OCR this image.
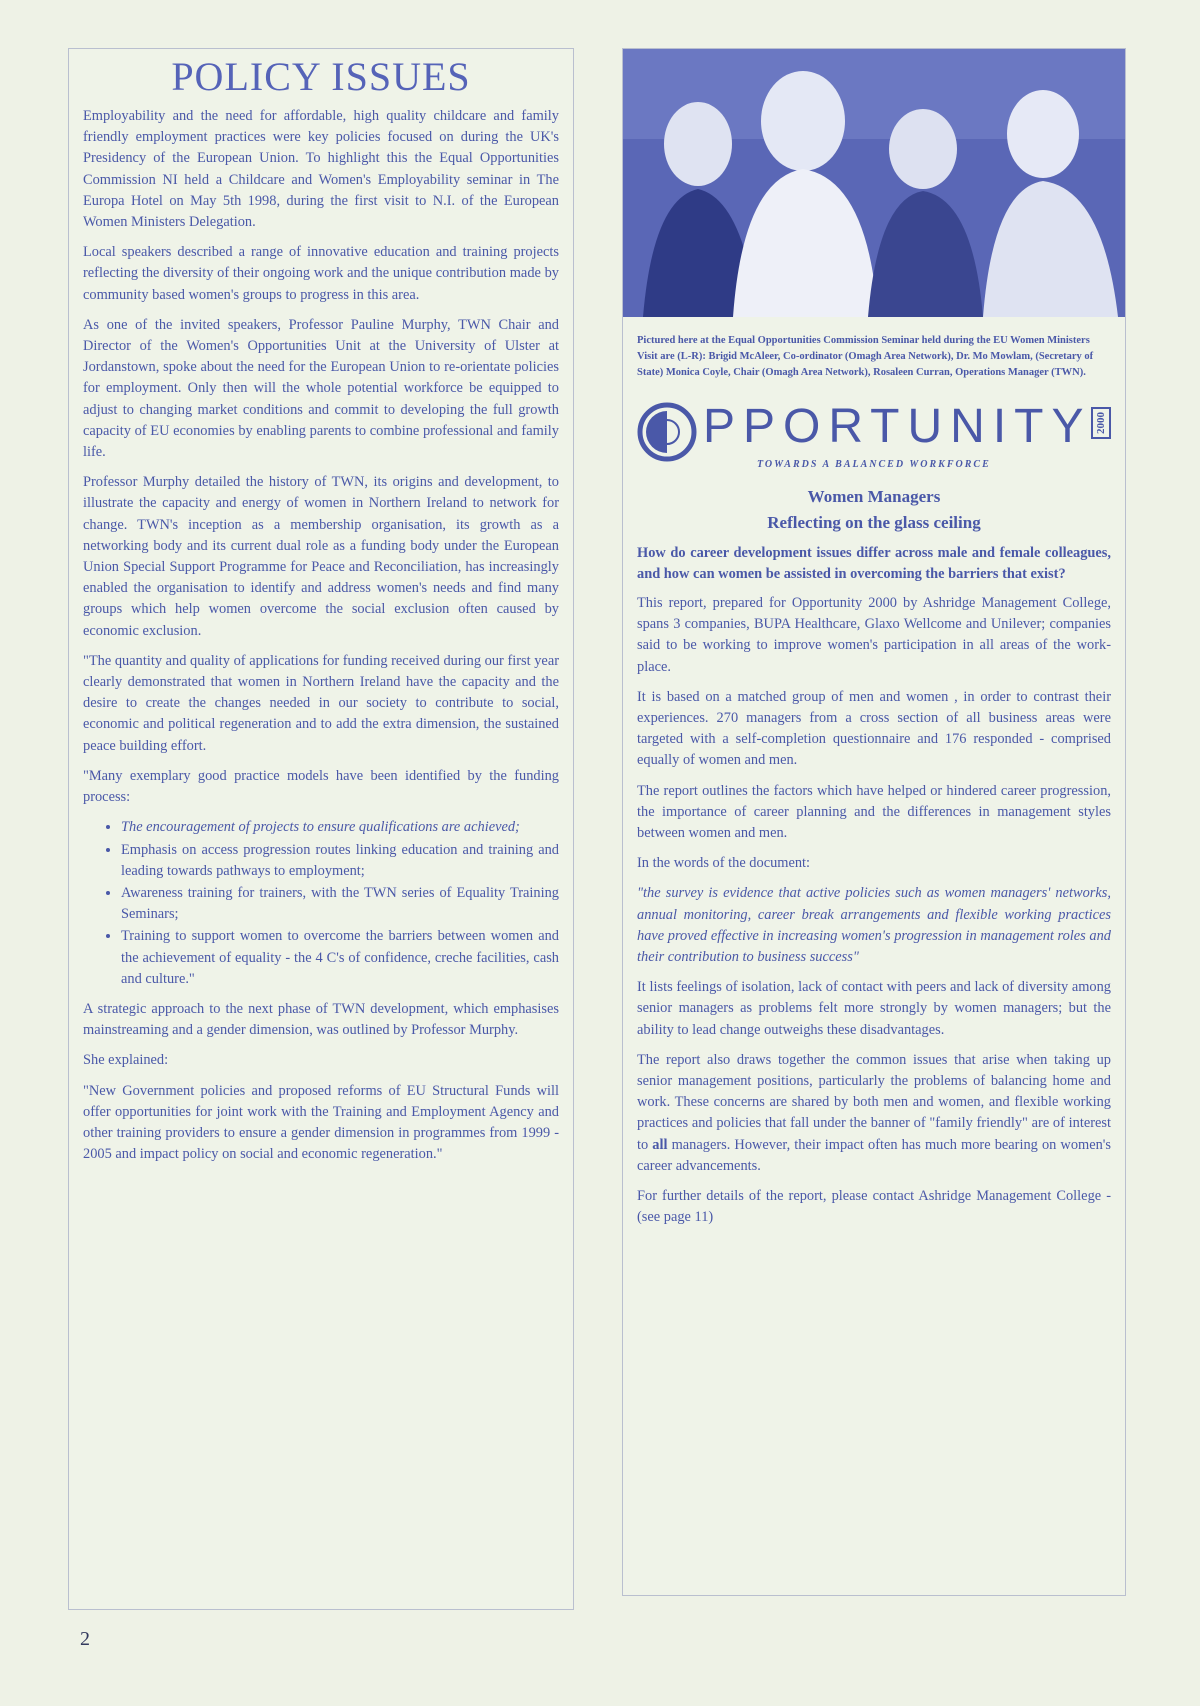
POLICY ISSUES

Employability and the need for affordable, high quality childcare and family friendly employment practices were key policies focused on during the UK's Presidency of the European Union. To highlight this the Equal Opportunities Commission NI held a Childcare and Women's Employability seminar in The Europa Hotel on May 5th 1998, during the first visit to N.I. of the European Women Ministers Delegation.

Local speakers described a range of innovative education and training projects reflecting the diversity of their ongoing work and the unique contribution made by community based women's groups to progress in this area.

As one of the invited speakers, Professor Pauline Murphy, TWN Chair and Director of the Women's Opportunities Unit at the University of Ulster at Jordanstown, spoke about the need for the European Union to re-orientate policies for employment. Only then will the whole potential workforce be equipped to adjust to changing market conditions and commit to developing the full growth capacity of EU economies by enabling parents to combine professional and family life.

Professor Murphy detailed the history of TWN, its origins and development, to illustrate the capacity and energy of women in Northern Ireland to network for change. TWN's inception as a membership organisation, its growth as a networking body and its current dual role as a funding body under the European Union Special Support Programme for Peace and Reconciliation, has increasingly enabled the organisation to identify and address women's needs and find many groups which help women overcome the social exclusion often caused by economic exclusion.

"The quantity and quality of applications for funding received during our first year clearly demonstrated that women in Northern Ireland have the capacity and the desire to create the changes needed in our society to contribute to social, economic and political regeneration and to add the extra dimension, the sustained peace building effort.

"Many exemplary good practice models have been identified by the funding process:

• The encouragement of projects to ensure qualifications are achieved;
• Emphasis on access progression routes linking education and training and leading towards pathways to employment;
• Awareness training for trainers, with the TWN series of Equality Training Seminars;
• Training to support women to overcome the barriers between women and the achievement of equality - the 4 C's of confidence, creche facilities, cash and culture."

A strategic approach to the next phase of TWN development, which emphasises mainstreaming and a gender dimension, was outlined by Professor Murphy.

She explained:

"New Government policies and proposed reforms of EU Structural Funds will offer opportunities for joint work with the Training and Employment Agency and other training providers to ensure a gender dimension in programmes from 1999 - 2005 and impact policy on social and economic regeneration."

Pictured here at the Equal Opportunities Commission Seminar held during the EU Women Ministers Visit are (L-R): Brigid McAleer, Co-ordinator (Omagh Area Network), Dr. Mo Mowlam, (Secretary of State) Monica Coyle, Chair (Omagh Area Network), Rosaleen Curran, Operations Manager (TWN).

PPORTUNITY
TOWARDS A BALANCED WORKFORCE
2000
Women Managers
Reflecting on the glass ceiling

How do career development issues differ across male and female colleagues, and how can women be assisted in overcoming the barriers that exist?

This report, prepared for Opportunity 2000 by Ashridge Management College, spans 3 companies, BUPA Healthcare, Glaxo Wellcome and Unilever; companies said to be working to improve women's participation in all areas of the work-place.

It is based on a matched group of men and women , in order to contrast their experiences. 270 managers from a cross section of all business areas were targeted with a self-completion questionnaire and 176 responded - comprised equally of women and men.

The report outlines the factors which have helped or hindered career progression, the importance of career planning and the differences in management styles between women and men.

In the words of the document:

"the survey is evidence that active policies such as women managers' networks, annual monitoring, career break arrangements and flexible working practices have proved effective in increasing women's progression in management roles and their contribution to business success"

It lists feelings of isolation, lack of contact with peers and lack of diversity among senior managers as problems felt more strongly by women managers; but the ability to lead change outweighs these disadvantages.

The report also draws together the common issues that arise when taking up senior management positions, particularly the problems of balancing home and work. These concerns are shared by both men and women, and flexible working practices and policies that fall under the banner of "family friendly" are of interest to all managers. However, their impact often has much more bearing on women's career advancements.

For further details of the report, please contact Ashridge Management College - (see page 11)

2
